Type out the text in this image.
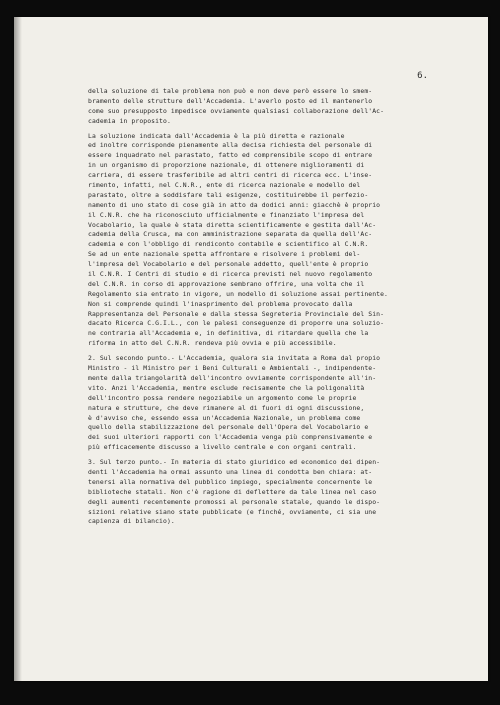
6.
della soluzione di tale problema non può e non deve però essere lo smem-
bramento delle strutture dell'Accademia. L'averlo posto ed il mantenerlo
come suo presupposto impedisce ovviamente qualsiasi collaborazione dell'Ac-
cademia in proposito.
La soluzione indicata dall'Accademia è la più diretta e razionale
ed inoltre corrisponde pienamente alla decisa richiesta del personale di
essere inquadrato nel parastato, fatto ed comprensibile scopo di entrare
in un organismo di proporzione nazionale, di ottenere miglioramenti di
carriera, di essere trasferibile ad altri centri di ricerca ecc. L'inse-
rimento, infatti, nel C.N.R., ente di ricerca nazionale e modello del
parastato, oltre a soddisfare tali esigenze, costituirebbe il perfezio-
namento di uno stato di cose già in atto da dodici anni: giacchè è proprio
il C.N.R. che ha riconosciuto ufficialmente e finanziato l'impresa del
Vocabolario, la quale è stata diretta scientificamente e gestita dall'Ac-
cademia della Crusca, ma con amministrazione separata da quella dell'Ac-
cademia e con l'obbligo di rendiconto contabile e scientifico al C.N.R.
Se ad un ente nazionale spetta affrontare e risolvere i problemi del-
l'impresa del Vocabolario e del personale addetto, quell'ente è proprio
il C.N.R. I Centri di studio e di ricerca previsti nel nuovo regolamento
del C.N.R. in corso di approvazione sembrano offrire, una volta che il
Regolamento sia entrato in vigore, un modello di soluzione assai pertinente.
Non si comprende quindi l'inasprimento del problema provocato dalla
Rappresentanza del Personale e dalla stessa Segreteria Provinciale del Sin-
dacato Ricerca C.G.I.L., con le palesi conseguenze di proporre una soluzio-
ne contraria all'Accademia e, in definitiva, di ritardare quella che la
riforma in atto del C.N.R. rendeva più ovvia e più accessibile.
2. Sul secondo punto.- L'Accademia, qualora sia invitata a Roma dal propio
Ministro - il Ministro per i Beni Culturali e Ambientali -, indipendente-
mente dalla triangolarità dell'incontro ovviamente corrispondente all'in-
vito. Anzi l'Accademia, mentre esclude recisamente che la poligonalità
dell'incontro possa rendere negoziabile un argomento come le proprie
natura e strutture, che deve rimanere al di fuori di ogni discussione,
è d'avviso che, essendo essa un'Accademia Nazionale, un problema come
quello della stabilizzazione del personale dell'Opera del Vocabolario e
dei suoi ulteriori rapporti con l'Accademia venga più comprensivamente e
più efficacemente discusso a livello centrale e con organi centrali.
3. Sul terzo punto.- In materia di stato giuridico ed economico dei dipen-
denti l'Accademia ha ormai assunto una linea di condotta ben chiara: at-
tenersi alla normativa del pubblico impiego, specialmente concernente le
biblioteche statali. Non c'è ragione di deflettere da tale linea nel caso
degli aumenti recentemente promossi al personale statale, quando le dispo-
sizioni relative siano state pubblicate (e finché, ovviamente, ci sia une
capienza di bilancio).
